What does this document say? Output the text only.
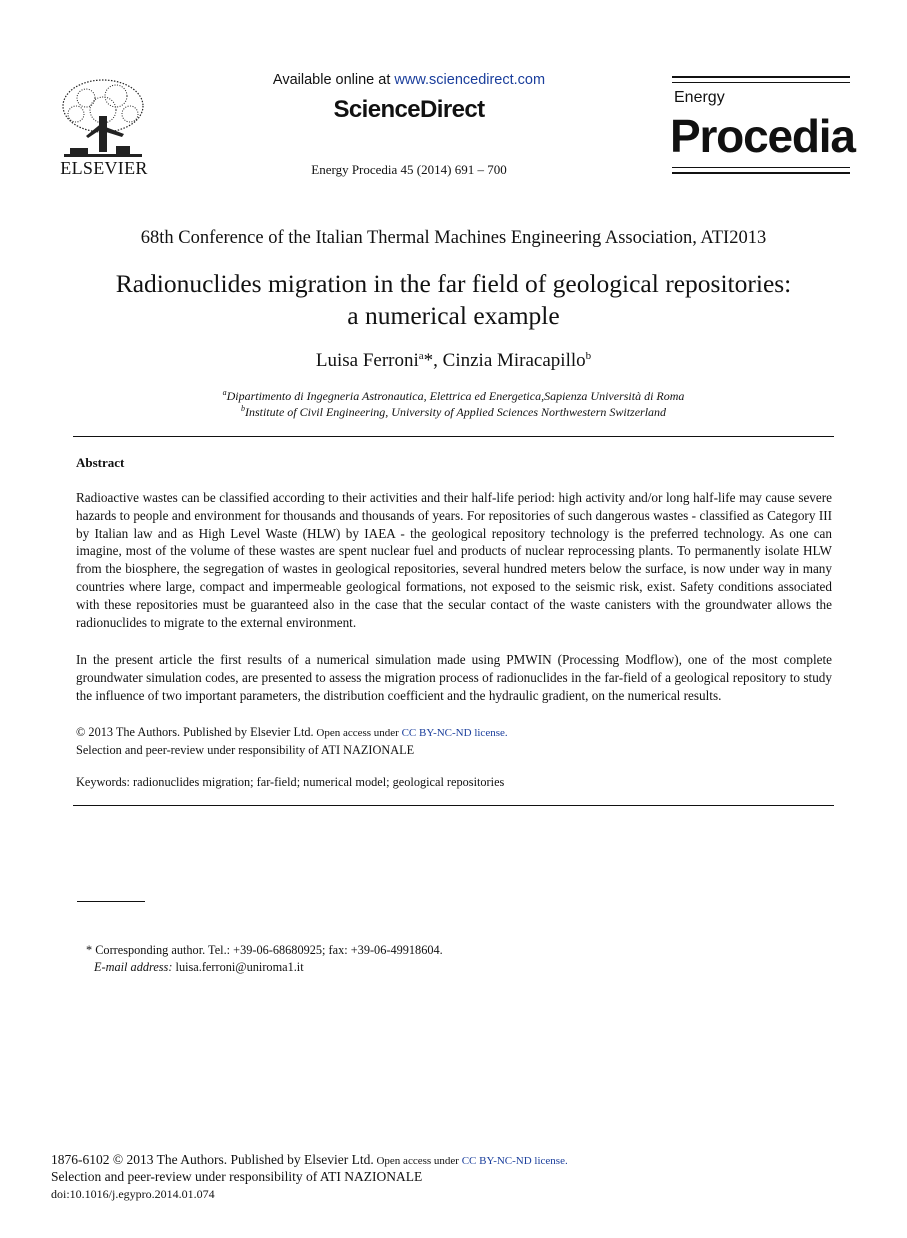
ELSEVIER
Available online at www.sciencedirect.com
ScienceDirect
Energy Procedia 45 (2014) 691 – 700
Energy
Procedia
68th Conference of the Italian Thermal Machines Engineering Association, ATI2013
Radionuclides migration in the far field of geological repositories:
a numerical example
Luisa Ferroni$^a$*, Cinzia Miracapillo$^b$
$^a$Dipartimento di Ingegneria Astronautica, Elettrica ed Energetica,Sapienza Università di Roma
$^b$Institute of Civil Engineering, University of Applied Sciences Northwestern Switzerland
Abstract
Radioactive wastes can be classified according to their activities and their half-life period: high activity and/or long half-life may cause severe hazards to people and environment for thousands and thousands of years. For repositories of such dangerous wastes - classified as Category III by Italian law and as High Level Waste (HLW) by IAEA - the geological repository technology is the preferred technology. As one can imagine, most of the volume of these wastes are spent nuclear fuel and products of nuclear reprocessing plants. To permanently isolate HLW from the biosphere, the segregation of wastes in geological repositories, several hundred meters below the surface, is now under way in many countries where large, compact and impermeable geological formations, not exposed to the seismic risk, exist. Safety conditions associated with these repositories must be guaranteed also in the case that the secular contact of the waste canisters with the groundwater allows the radionuclides to migrate to the external environment.
In the present article the first results of a numerical simulation made using PMWIN (Processing Modflow), one of the most complete groundwater simulation codes, are presented to assess the migration process of radionuclides in the far-field of a geological repository to study the influence of two important parameters, the distribution coefficient and the hydraulic gradient, on the numerical results.
© 2013 The Authors. Published by Elsevier Ltd. Open access under CC BY-NC-ND license.
Selection and peer-review under responsibility of ATI NAZIONALE
Keywords: radionuclides migration; far-field; numerical model; geological repositories
* Corresponding author. Tel.: +39-06-68680925; fax: +39-06-49918604.
E-mail address: luisa.ferroni@uniroma1.it
1876-6102 © 2013 The Authors. Published by Elsevier Ltd. Open access under CC BY-NC-ND license.
Selection and peer-review under responsibility of ATI NAZIONALE
doi:10.1016/j.egypro.2014.01.074
